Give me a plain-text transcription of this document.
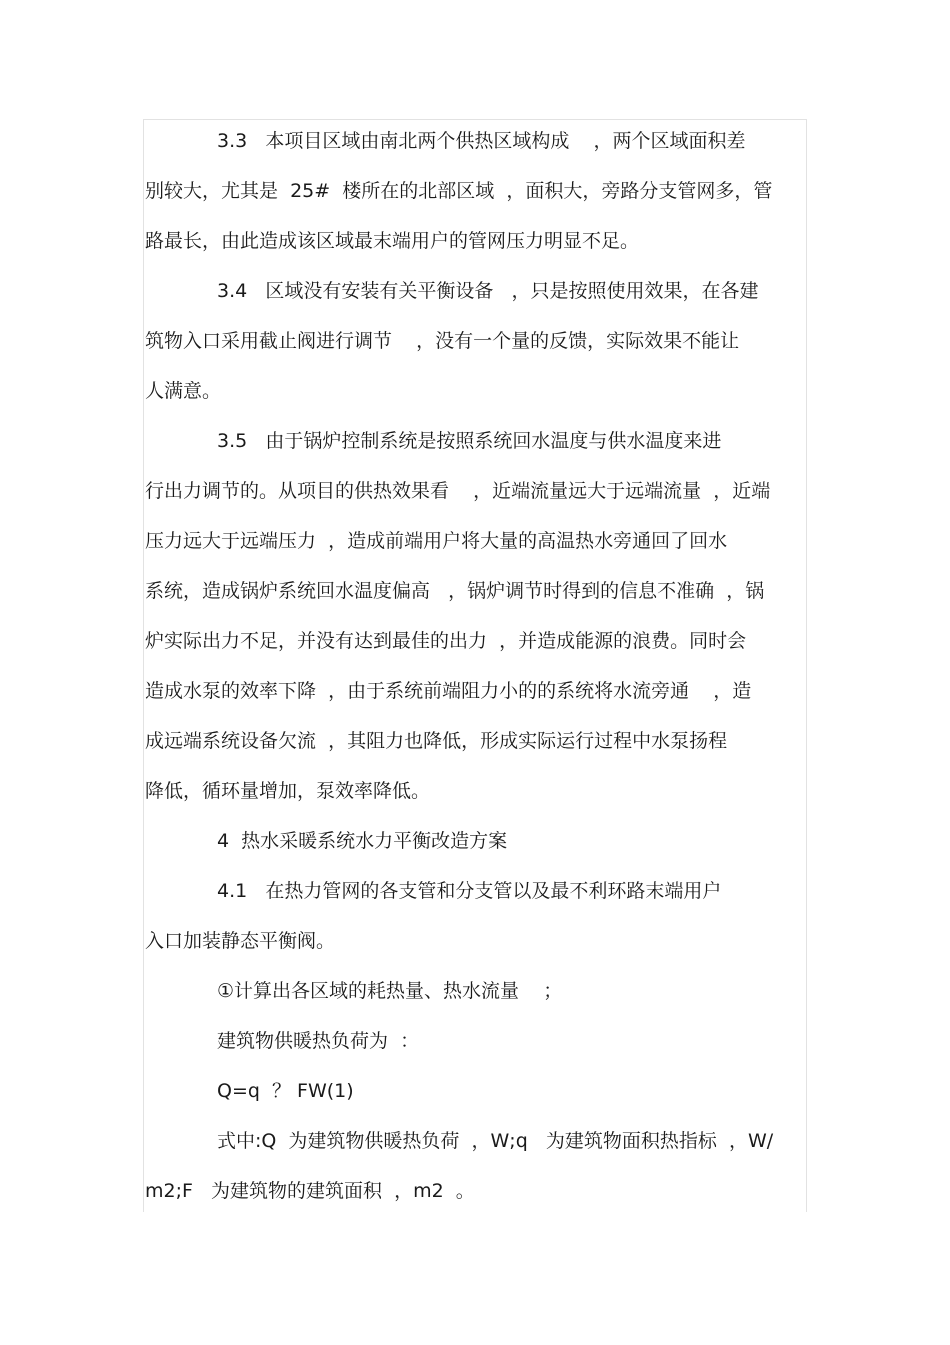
3.3   本项目区域由南北两个供热区域构成    ，两个区域面积差
别较大，尤其是  25#  楼所在的北部区域  ，面积大，旁路分支管网多，管
路最长，由此造成该区域最末端用户的管网压力明显不足。
3.4   区域没有安装有关平衡设备   ，只是按照使用效果，在各建
筑物入口采用截止阀进行调节    ，没有一个量的反馈，实际效果不能让
人满意。
3.5   由于锅炉控制系统是按照系统回水温度与供水温度来进
行出力调节的。从项目的供热效果看    ，近端流量远大于远端流量  ，近端
压力远大于远端压力  ，造成前端用户将大量的高温热水旁通回了回水
系统，造成锅炉系统回水温度偏高   ，锅炉调节时得到的信息不准确  ，锅
炉实际出力不足，并没有达到最佳的出力  ，并造成能源的浪费。同时会
造成水泵的效率下降  ，由于系统前端阻力小的的系统将水流旁通    ，造
成远端系统设备欠流  ，其阻力也降低，形成实际运行过程中水泵扬程
降低，循环量增加，泵效率降低。
4  热水采暖系统水力平衡改造方案
4.1   在热力管网的各支管和分支管以及最不利环路末端用户
入口加装静态平衡阀。
①计算出各区域的耗热量、热水流量    ；
建筑物供暖热负荷为  ：
Q=q  ？ FW(1)
式中:Q  为建筑物供暖热负荷  ，W;q   为建筑物面积热指标  ，W/
m2;F   为建筑物的建筑面积  ，m2  。
